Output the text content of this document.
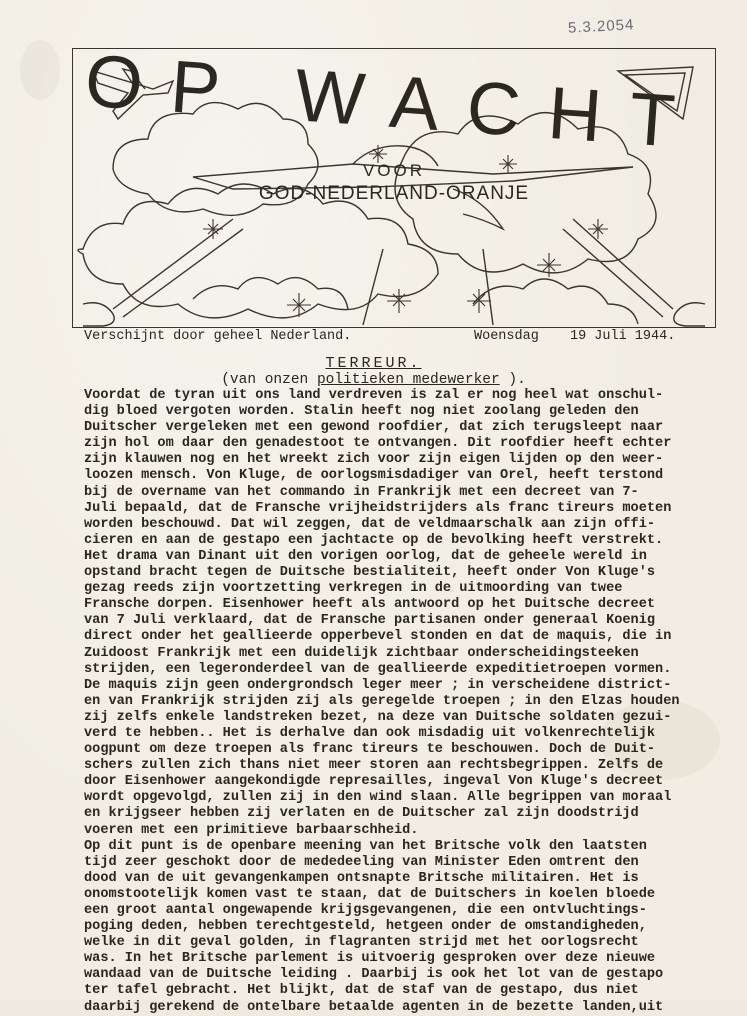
5.3.2054
OP WACHT
VOOR
GOD-NEDERLAND-ORANJE

Verschijnt door geheel Nederland.

	Woensdag

19 Juli 1944.

TERREUR.
(van onzen politieken medewerker ).
Voordat de tyran uit ons land verdreven is zal er nog heel wat onschul-
dig bloed vergoten worden. Stalin heeft nog niet zoolang geleden den
Duitscher vergeleken met een gewond roofdier, dat zich terugsleept naar
zijn hol om daar den genadestoot te ontvangen. Dit roofdier heeft echter
zijn klauwen nog en het wreekt zich voor zijn eigen lijden op den weer-
loozen mensch. Von Kluge, de oorlogsmisdadiger van Orel, heeft terstond
bij de overname van het commando in Frankrijk met een decreet van 7-
Juli bepaald, dat de Fransche vrijheidstrijders als franc tireurs moeten
worden beschouwd. Dat wil zeggen, dat de veldmaarschalk aan zijn offi-
cieren en aan de gestapo een jachtacte op de bevolking heeft verstrekt.
Het drama van Dinant uit den vorigen oorlog, dat de geheele wereld in
opstand bracht tegen de Duitsche bestialiteit, heeft onder Von Kluge's
gezag reeds zijn voortzetting verkregen in de uitmoording van twee
Fransche dorpen. Eisenhower heeft als antwoord op het Duitsche decreet
van 7 Juli verklaard, dat de Fransche partisanen onder generaal Koenig
direct onder het geallieerde opperbevel stonden en dat de maquis, die in
Zuidoost Frankrijk met een duidelijk zichtbaar onderscheidingsteeken
strijden, een legeronderdeel van de geallieerde expeditietroepen vormen.
De maquis zijn geen ondergrondsch leger meer ; in verscheidene district-
en van Frankrijk strijden zij als geregelde troepen ; in den Elzas houden
zij zelfs enkele landstreken bezet, na deze van Duitsche soldaten gezui-
verd te hebben.. Het is derhalve dan ook misdadig uit volkenrechtelijk
oogpunt om deze troepen als franc tireurs te beschouwen. Doch de Duit-
schers zullen zich thans niet meer storen aan rechtsbegrippen. Zelfs de
door Eisenhower aangekondigde represailles, ingeval Von Kluge's decreet
wordt opgevolgd, zullen zij in den wind slaan. Alle begrippen van moraal
en krijgseer hebben zij verlaten en de Duitscher zal zijn doodstrijd
voeren met een primitieve barbaarschheid.
Op dit punt is de openbare meening van het Britsche volk den laatsten
tijd zeer geschokt door de mededeeling van Minister Eden omtrent den
dood van de uit gevangenkampen ontsnapte Britsche militairen. Het is
onomstootelijk komen vast te staan, dat de Duitschers in koelen bloede
een groot aantal ongewapende krijgsgevangenen, die een ontvluchtings-
poging deden, hebben terechtgesteld, hetgeen onder de omstandigheden,
welke in dit geval golden, in flagranten strijd met het oorlogsrecht
was. In het Britsche parlement is uitvoerig gesproken over deze nieuwe
wandaad van de Duitsche leiding . Daarbij is ook het lot van de gestapo
ter tafel gebracht. Het blijkt, dat de staf van de gestapo, dus niet
daarbij gerekend de ontelbare betaalde agenten in de bezette landen,uit
